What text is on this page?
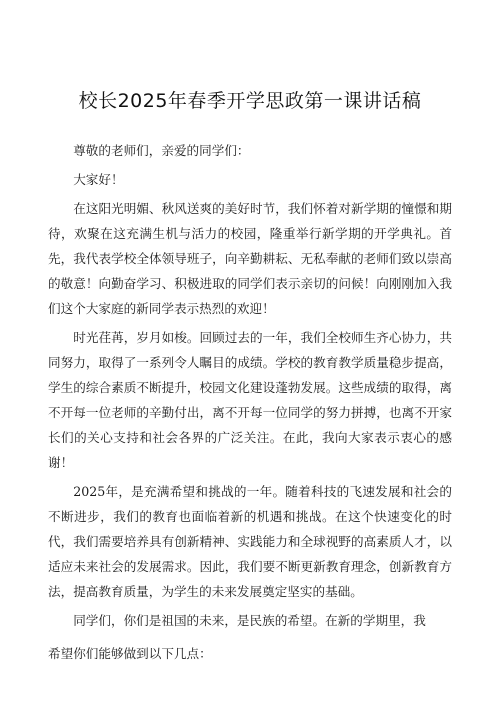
校长2025年春季开学思政第一课讲话稿

尊敬的老师们，亲爱的同学们：

大家好！

在这阳光明媚、秋风送爽的美好时节，我们怀着对新学期的憧憬和期待，欢聚在这充满生机与活力的校园，隆重举行新学期的开学典礼。首先，我代表学校全体领导班子，向辛勤耕耘、无私奉献的老师们致以崇高的敬意！向勤奋学习、积极进取的同学们表示亲切的问候！向刚刚加入我们这个大家庭的新同学表示热烈的欢迎！

时光荏苒，岁月如梭。回顾过去的一年，我们全校师生齐心协力，共同努力，取得了一系列令人瞩目的成绩。学校的教育教学质量稳步提高，学生的综合素质不断提升，校园文化建设蓬勃发展。这些成绩的取得，离不开每一位老师的辛勤付出，离不开每一位同学的努力拼搏，也离不开家长们的关心支持和社会各界的广泛关注。在此，我向大家表示衷心的感谢！

2025年，是充满希望和挑战的一年。随着科技的飞速发展和社会的不断进步，我们的教育也面临着新的机遇和挑战。在这个快速变化的时代，我们需要培养具有创新精神、实践能力和全球视野的高素质人才，以适应未来社会的发展需求。因此，我们要不断更新教育理念，创新教育方法，提高教育质量，为学生的未来发展奠定坚实的基础。

同学们，你们是祖国的未来，是民族的希望。在新的学期里，我

希望你们能够做到以下几点：
